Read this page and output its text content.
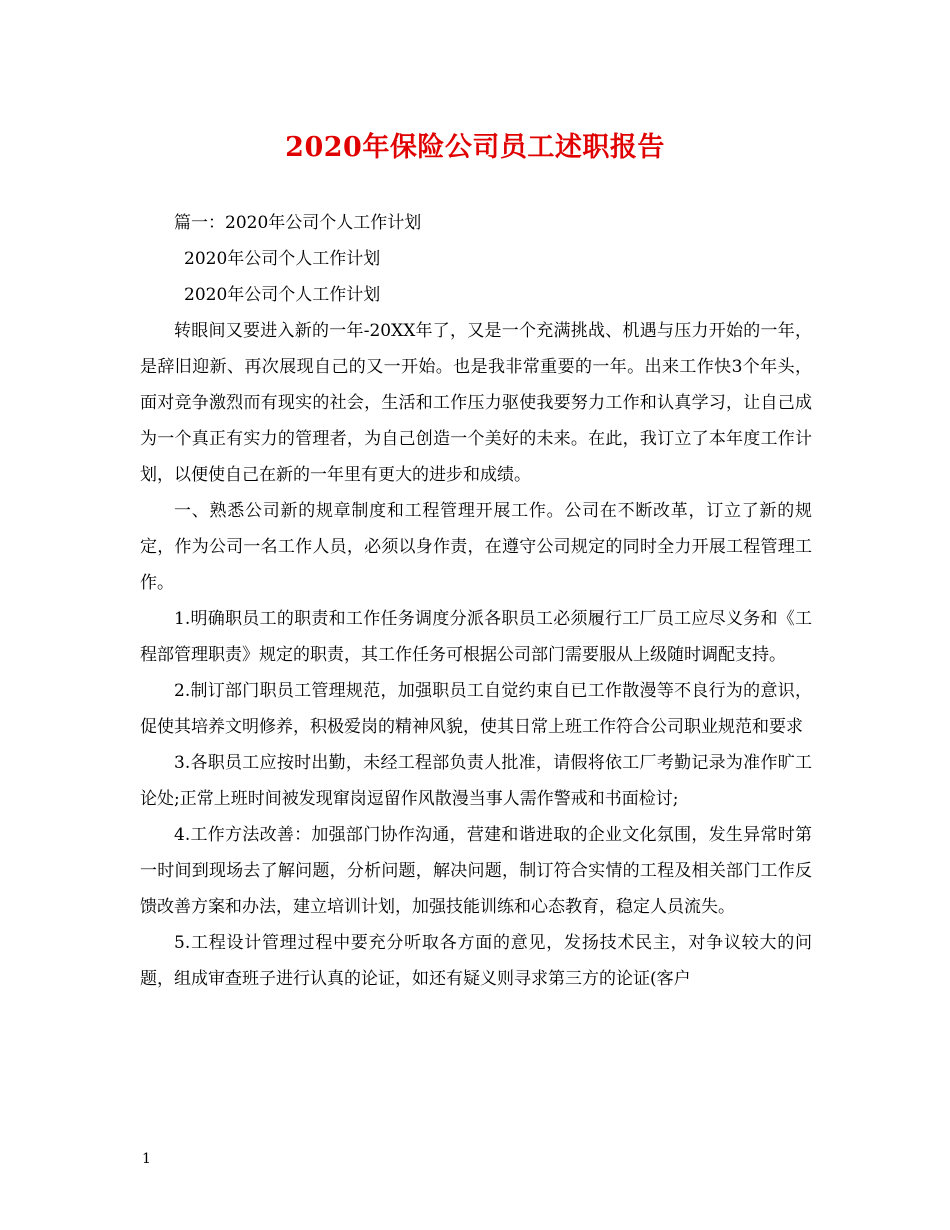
2020年保险公司员工述职报告

篇一：2020年公司个人工作计划

2020年公司个人工作计划

2020年公司个人工作计划

转眼间又要进入新的一年-20XX年了，又是一个充满挑战、机遇与压力开始的一年，是辞旧迎新、再次展现自己的又一开始。也是我非常重要的一年。出来工作快3个年头，面对竞争激烈而有现实的社会，生活和工作压力驱使我要努力工作和认真学习，让自己成为一个真正有实力的管理者，为自己创造一个美好的未来。在此，我订立了本年度工作计划，以便使自己在新的一年里有更大的进步和成绩。

一、熟悉公司新的规章制度和工程管理开展工作。公司在不断改革，订立了新的规定，作为公司一名工作人员，必须以身作责，在遵守公司规定的同时全力开展工程管理工作。

1.明确职员工的职责和工作任务调度分派各职员工必须履行工厂员工应尽义务和《工程部管理职责》规定的职责，其工作任务可根据公司部门需要服从上级随时调配支持。

2.制订部门职员工管理规范，加强职员工自觉约束自已工作散漫等不良行为的意识，促使其培养文明修养，积极爱岗的精神风貌，使其日常上班工作符合公司职业规范和要求

3.各职员工应按时出勤，未经工程部负责人批准，请假将依工厂考勤记录为准作旷工论处;正常上班时间被发现窜岗逗留作风散漫当事人需作警戒和书面检讨;

4.工作方法改善：加强部门协作沟通，营建和谐进取的企业文化氛围，发生异常时第一时间到现场去了解问题，分析问题，解决问题，制订符合实情的工程及相关部门工作反馈改善方案和办法，建立培训计划，加强技能训练和心态教育，稳定人员流失。

5.工程设计管理过程中要充分听取各方面的意见，发扬技术民主，对争议较大的问题，组成审查班子进行认真的论证，如还有疑义则寻求第三方的论证(客户

1
